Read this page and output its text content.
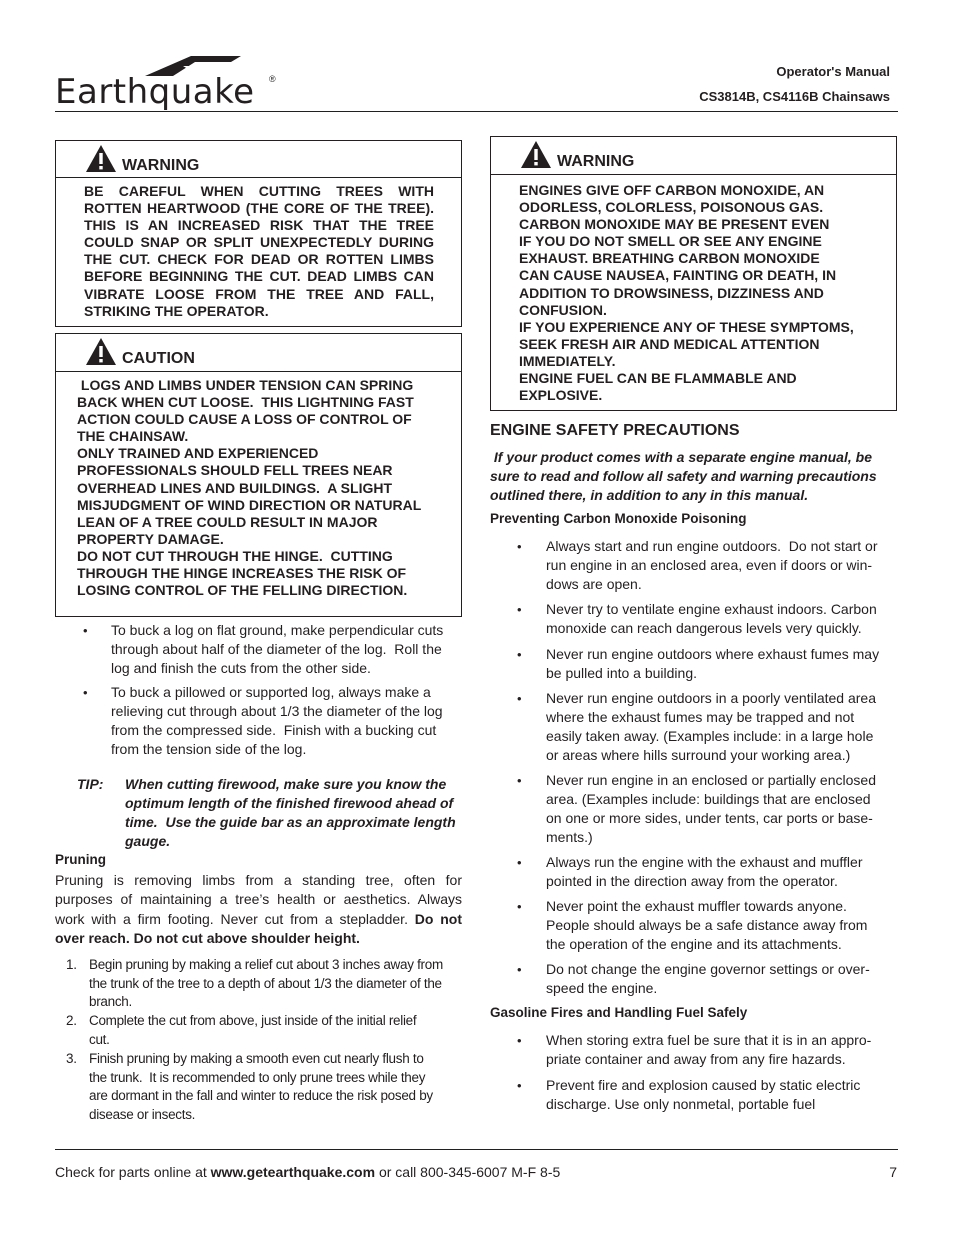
Earthquake ®	Operator's Manual
CS3814B, CS4116B Chainsaws
WARNING
BE CAREFUL WHEN CUTTING TREES WITH ROTTEN HEARTWOOD (THE CORE OF THE TREE). THIS IS AN INCREASED RISK THAT THE TREE COULD SNAP OR SPLIT UNEXPECTEDLY DURING THE CUT. CHECK FOR DEAD OR ROTTEN LIMBS BEFORE BEGINNING THE CUT. DEAD LIMBS CAN VIBRATE LOOSE FROM THE TREE AND FALL, STRIKING THE OPERATOR.
CAUTION
LOGS AND LIMBS UNDER TENSION CAN SPRING
BACK WHEN CUT LOOSE.  THIS LIGHTNING FAST
ACTION COULD CAUSE A LOSS OF CONTROL OF
THE CHAINSAW.
ONLY TRAINED AND EXPERIENCED
PROFESSIONALS SHOULD FELL TREES NEAR
OVERHEAD LINES AND BUILDINGS.  A SLIGHT
MISJUDGMENT OF WIND DIRECTION OR NATURAL
LEAN OF A TREE COULD RESULT IN MAJOR
PROPERTY DAMAGE.
DO NOT CUT THROUGH THE HINGE.  CUTTING
THROUGH THE HINGE INCREASES THE RISK OF
LOSING CONTROL OF THE FELLING DIRECTION.
• To buck a log on flat ground, make perpendicular cuts
through about half of the diameter of the log.  Roll the
log and finish the cuts from the other side.
• To buck a pillowed or supported log, always make a
relieving cut through about 1/3 the diameter of the log
from the compressed side.  Finish with a bucking cut
from the tension side of the log.
TIP: When cutting firewood, make sure you know the
optimum length of the finished firewood ahead of
time.  Use the guide bar as an approximate length
gauge.
Pruning
Pruning is removing limbs from a standing tree, often for purposes of maintaining a tree’s health or aesthetics. Always work with a firm footing. Never cut from a stepladder. Do not over reach. Do not cut above shoulder height.
1. Begin pruning by making a relief cut about 3 inches away from
the trunk of the tree to a depth of about 1/3 the diameter of the
branch.
2. Complete the cut from above, just inside of the initial relief
cut.
3. Finish pruning by making a smooth even cut nearly flush to
the trunk.  It is recommended to only prune trees while they
are dormant in the fall and winter to reduce the risk posed by
disease or insects.
WARNING
ENGINES GIVE OFF CARBON MONOXIDE, AN
ODORLESS, COLORLESS, POISONOUS GAS.
CARBON MONOXIDE MAY BE PRESENT EVEN
IF YOU DO NOT SMELL OR SEE ANY ENGINE
EXHAUST. BREATHING CARBON MONOXIDE
CAN CAUSE NAUSEA, FAINTING OR DEATH, IN
ADDITION TO DROWSINESS, DIZZINESS AND
CONFUSION.
IF YOU EXPERIENCE ANY OF THESE SYMPTOMS,
SEEK FRESH AIR AND MEDICAL ATTENTION
IMMEDIATELY.
ENGINE FUEL CAN BE FLAMMABLE AND
EXPLOSIVE.
ENGINE SAFETY PRECAUTIONS
If your product comes with a separate engine manual, be
sure to read and follow all safety and warning precautions
outlined there, in addition to any in this manual.
Preventing Carbon Monoxide Poisoning
• Always start and run engine outdoors.  Do not start or
run engine in an enclosed area, even if doors or win-
dows are open.
• Never try to ventilate engine exhaust indoors. Carbon
monoxide can reach dangerous levels very quickly.
• Never run engine outdoors where exhaust fumes may
be pulled into a building.
• Never run engine outdoors in a poorly ventilated area
where the exhaust fumes may be trapped and not
easily taken away. (Examples include: in a large hole
or areas where hills surround your working area.)
• Never run engine in an enclosed or partially enclosed
area. (Examples include: buildings that are enclosed
on one or more sides, under tents, car ports or base-
ments.)
• Always run the engine with the exhaust and muffler
pointed in the direction away from the operator.
• Never point the exhaust muffler towards anyone.
People should always be a safe distance away from
the operation of the engine and its attachments.
• Do not change the engine governor settings or over-
speed the engine.
Gasoline Fires and Handling Fuel Safely
• When storing extra fuel be sure that it is in an appro-
priate container and away from any fire hazards.
• Prevent fire and explosion caused by static electric
discharge. Use only nonmetal, portable fuel
Check for parts online at www.getearthquake.com or call 800-345-6007 M-F 8-5	7
